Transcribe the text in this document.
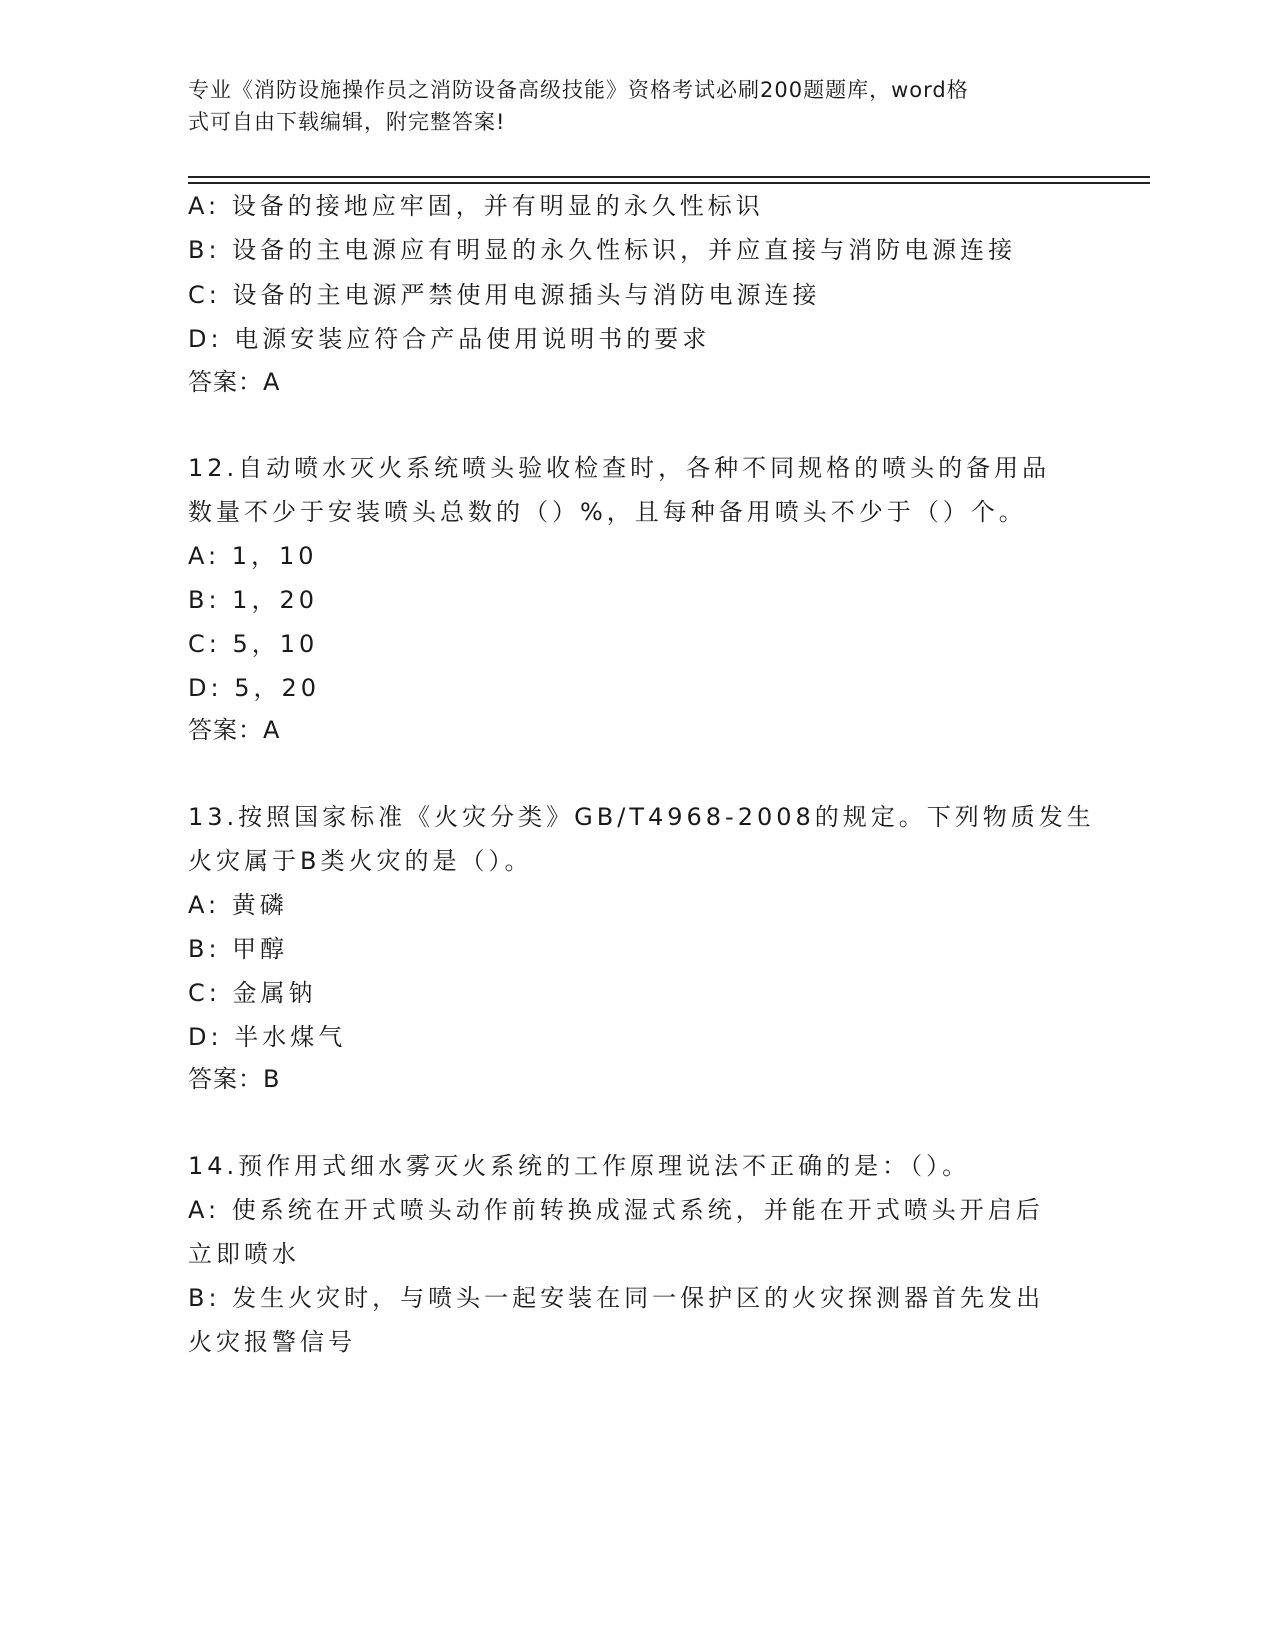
专业《消防设施操作员之消防设备高级技能》资格考试必刷200题题库，word格
式可自由下载编辑，附完整答案!
A: 设备的接地应牢固，并有明显的永久性标识
B: 设备的主电源应有明显的永久性标识，并应直接与消防电源连接
C: 设备的主电源严禁使用电源插头与消防电源连接
D: 电源安装应符合产品使用说明书的要求
答案：A
12.自动喷水灭火系统喷头验收检查时，各种不同规格的喷头的备用品
数量不少于安装喷头总数的（）%，且每种备用喷头不少于（）个。
A: 1，10
B: 1，20
C: 5，10
D: 5，20
答案：A
13.按照国家标准《火灾分类》GB/T4968-2008的规定。下列物质发生
火灾属于B类火灾的是（）。
A: 黄磷
B: 甲醇
C: 金属钠
D: 半水煤气
答案：B
14.预作用式细水雾灭火系统的工作原理说法不正确的是：（）。
A: 使系统在开式喷头动作前转换成湿式系统，并能在开式喷头开启后
立即喷水
B: 发生火灾时，与喷头一起安装在同一保护区的火灾探测器首先发出
火灾报警信号
